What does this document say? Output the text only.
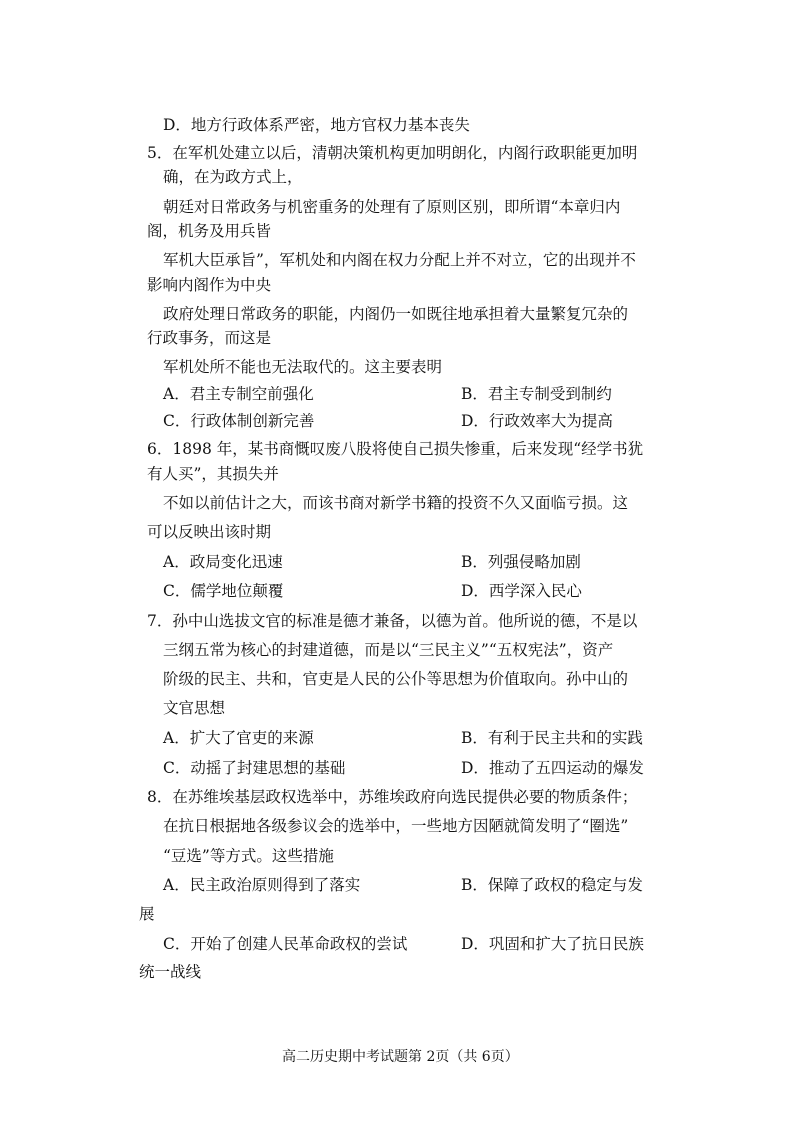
D．地方行政体系严密，地方官权力基本丧失
5．在军机处建立以后，清朝决策机构更加明朗化，内阁行政职能更加明
确，在为政方式上，
朝廷对日常政务与机密重务的处理有了原则区别，即所谓“本章归内
阁，机务及用兵皆
军机大臣承旨”，军机处和内阁在权力分配上并不对立，它的出现并不
影响内阁作为中央
政府处理日常政务的职能，内阁仍一如既往地承担着大量繁复冗杂的
行政事务，而这是
军机处所不能也无法取代的。这主要表明
A．君主专制空前强化	B．君主专制受到制约
C．行政体制创新完善	D．行政效率大为提高
6．1898 年，某书商慨叹废八股将使自己损失惨重，后来发现“经学书犹
有人买”，其损失并
不如以前估计之大，而该书商对新学书籍的投资不久又面临亏损。这
可以反映出该时期
A．政局变化迅速	B．列强侵略加剧
C．儒学地位颠覆	D．西学深入民心
7．孙中山选拔文官的标准是德才兼备，以德为首。他所说的德，不是以
三纲五常为核心的封建道德，而是以“三民主义”“五权宪法”，资产
阶级的民主、共和，官吏是人民的公仆等思想为价值取向。孙中山的
文官思想
A．扩大了官吏的来源	B．有利于民主共和的实践
C．动摇了封建思想的基础	D．推动了五四运动的爆发
8．在苏维埃基层政权选举中，苏维埃政府向选民提供必要的物质条件；
在抗日根据地各级参议会的选举中，一些地方因陋就简发明了“圈选”
“豆选”等方式。这些措施
A．民主政治原则得到了落实	B．保障了政权的稳定与发
展
C．开始了创建人民革命政权的尝试	D．巩固和扩大了抗日民族
统一战线
高二历史期中考试题第 2页（共 6页）
